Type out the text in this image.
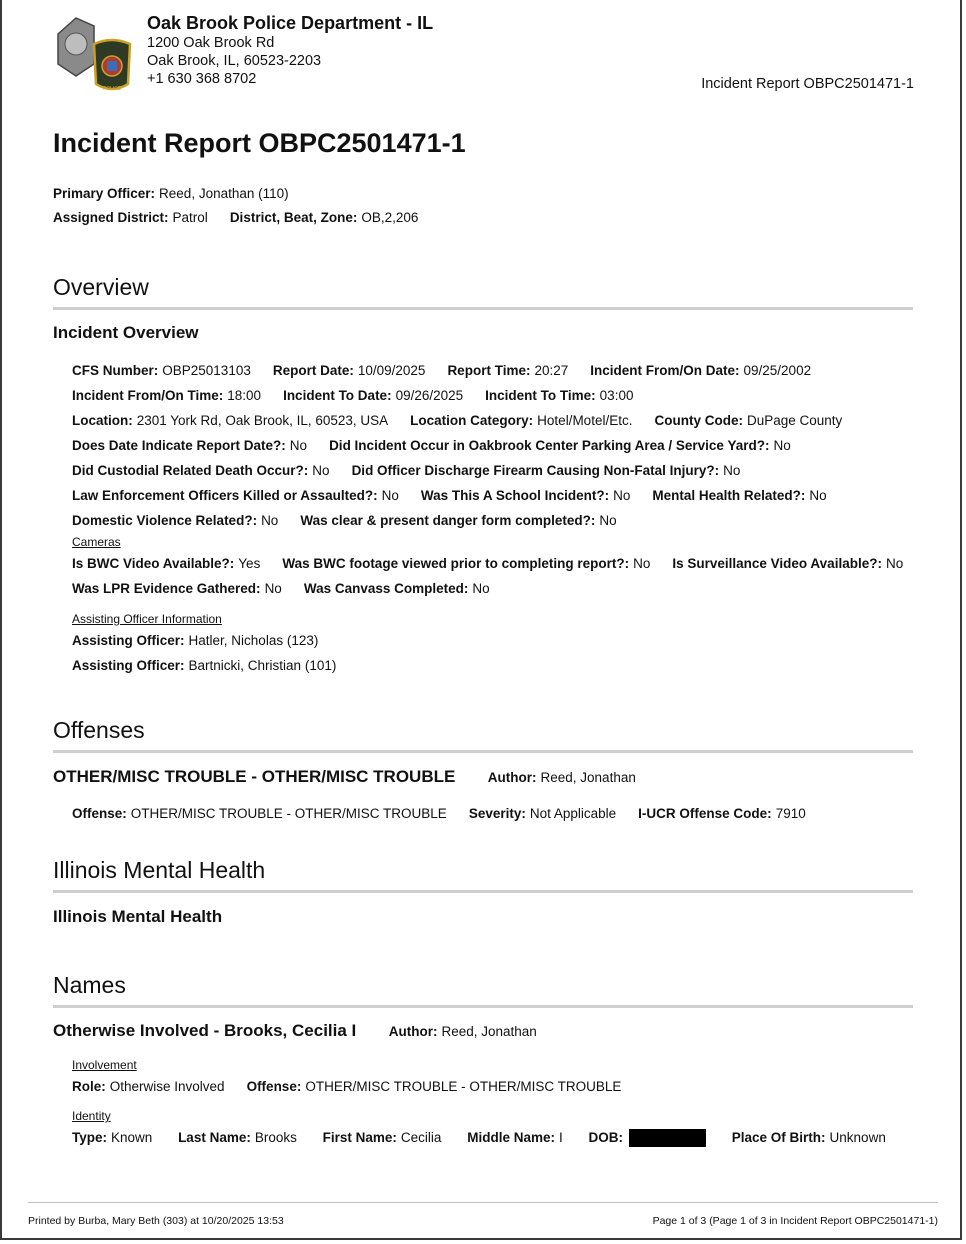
POLICE
Oak Brook Police Department - IL
1200 Oak Brook Rd
Oak Brook, IL, 60523-2203
+1 630 368 8702	Incident Report OBPC2501471-1
Incident Report OBPC2501471-1
Primary Officer: Reed, Jonathan (110)
Assigned District: Patrol District, Beat, Zone: OB,2,206
Overview
Incident Overview
CFS Number: OBP25013103 Report Date: 10/09/2025 Report Time: 20:27 Incident From/On Date: 09/25/2002
Incident From/On Time: 18:00 Incident To Date: 09/26/2025 Incident To Time: 03:00
Location: 2301 York Rd, Oak Brook, IL, 60523, USA Location Category: Hotel/Motel/Etc. County Code: DuPage County
Does Date Indicate Report Date?: No Did Incident Occur in Oakbrook Center Parking Area / Service Yard?: No
Did Custodial Related Death Occur?: No Did Officer Discharge Firearm Causing Non-Fatal Injury?: No
Law Enforcement Officers Killed or Assaulted?: No Was This A School Incident?: No Mental Health Related?: No
Domestic Violence Related?: No Was clear & present danger form completed?: No
Cameras
Is BWC Video Available?: Yes Was BWC footage viewed prior to completing report?: No Is Surveillance Video Available?: No
Was LPR Evidence Gathered: No Was Canvass Completed: No
Assisting Officer Information
Assisting Officer: Hatler, Nicholas (123)
Assisting Officer: Bartnicki, Christian (101)
Offenses
OTHER/MISC TROUBLE - OTHER/MISC TROUBLE Author: Reed, Jonathan
Offense: OTHER/MISC TROUBLE - OTHER/MISC TROUBLE Severity: Not Applicable I-UCR Offense Code: 7910
Illinois Mental Health
Illinois Mental Health
Names
Otherwise Involved - Brooks, Cecilia I Author: Reed, Jonathan
Involvement
Role: Otherwise Involved Offense: OTHER/MISC TROUBLE - OTHER/MISC TROUBLE
Identity
Type: Known Last Name: Brooks First Name: Cecilia Middle Name: I DOB:	Place Of Birth: Unknown
Printed by Burba, Mary Beth (303) at 10/20/2025 13:53	Page 1 of 3 (Page 1 of 3 in Incident Report OBPC2501471-1)
